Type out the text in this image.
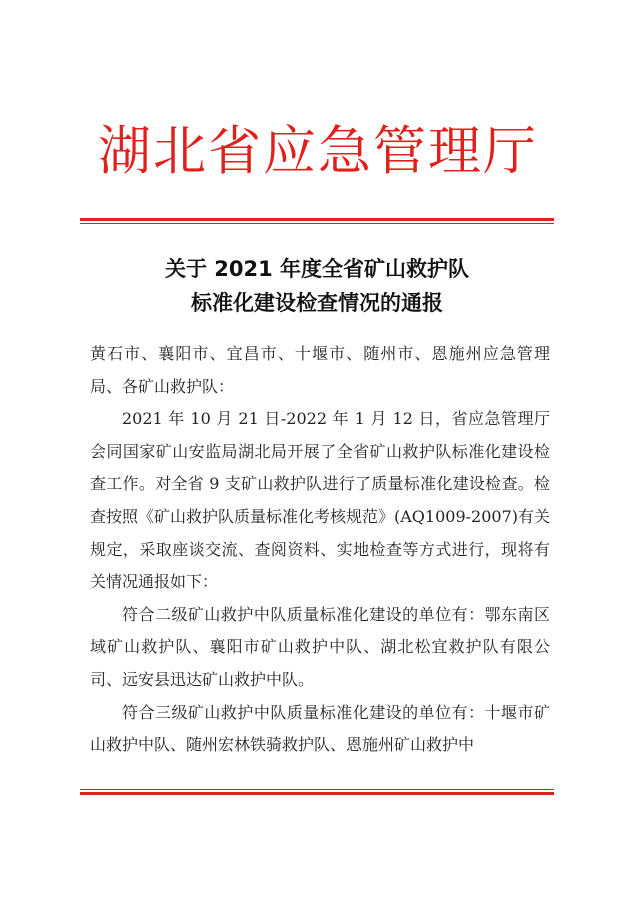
湖北省应急管理厅
关于 2021 年度全省矿山救护队
标准化建设检查情况的通报

黄石市、襄阳市、宜昌市、十堰市、随州市、恩施州应急管理局、各矿山救护队：

2021 年 10 月 21 日-2022 年 1 月 12 日，省应急管理厅会同国家矿山安监局湖北局开展了全省矿山救护队标准化建设检查工作。对全省 9 支矿山救护队进行了质量标准化建设检查。检查按照《矿山救护队质量标准化考核规范》(AQ1009-2007)有关规定，采取座谈交流、查阅资料、实地检查等方式进行，现将有关情况通报如下：

符合二级矿山救护中队质量标准化建设的单位有：鄂东南区域矿山救护队、襄阳市矿山救护中队、湖北松宜救护队有限公司、远安县迅达矿山救护中队。

符合三级矿山救护中队质量标准化建设的单位有：十堰市矿山救护中队、随州宏林铁骑救护队、恩施州矿山救护中
